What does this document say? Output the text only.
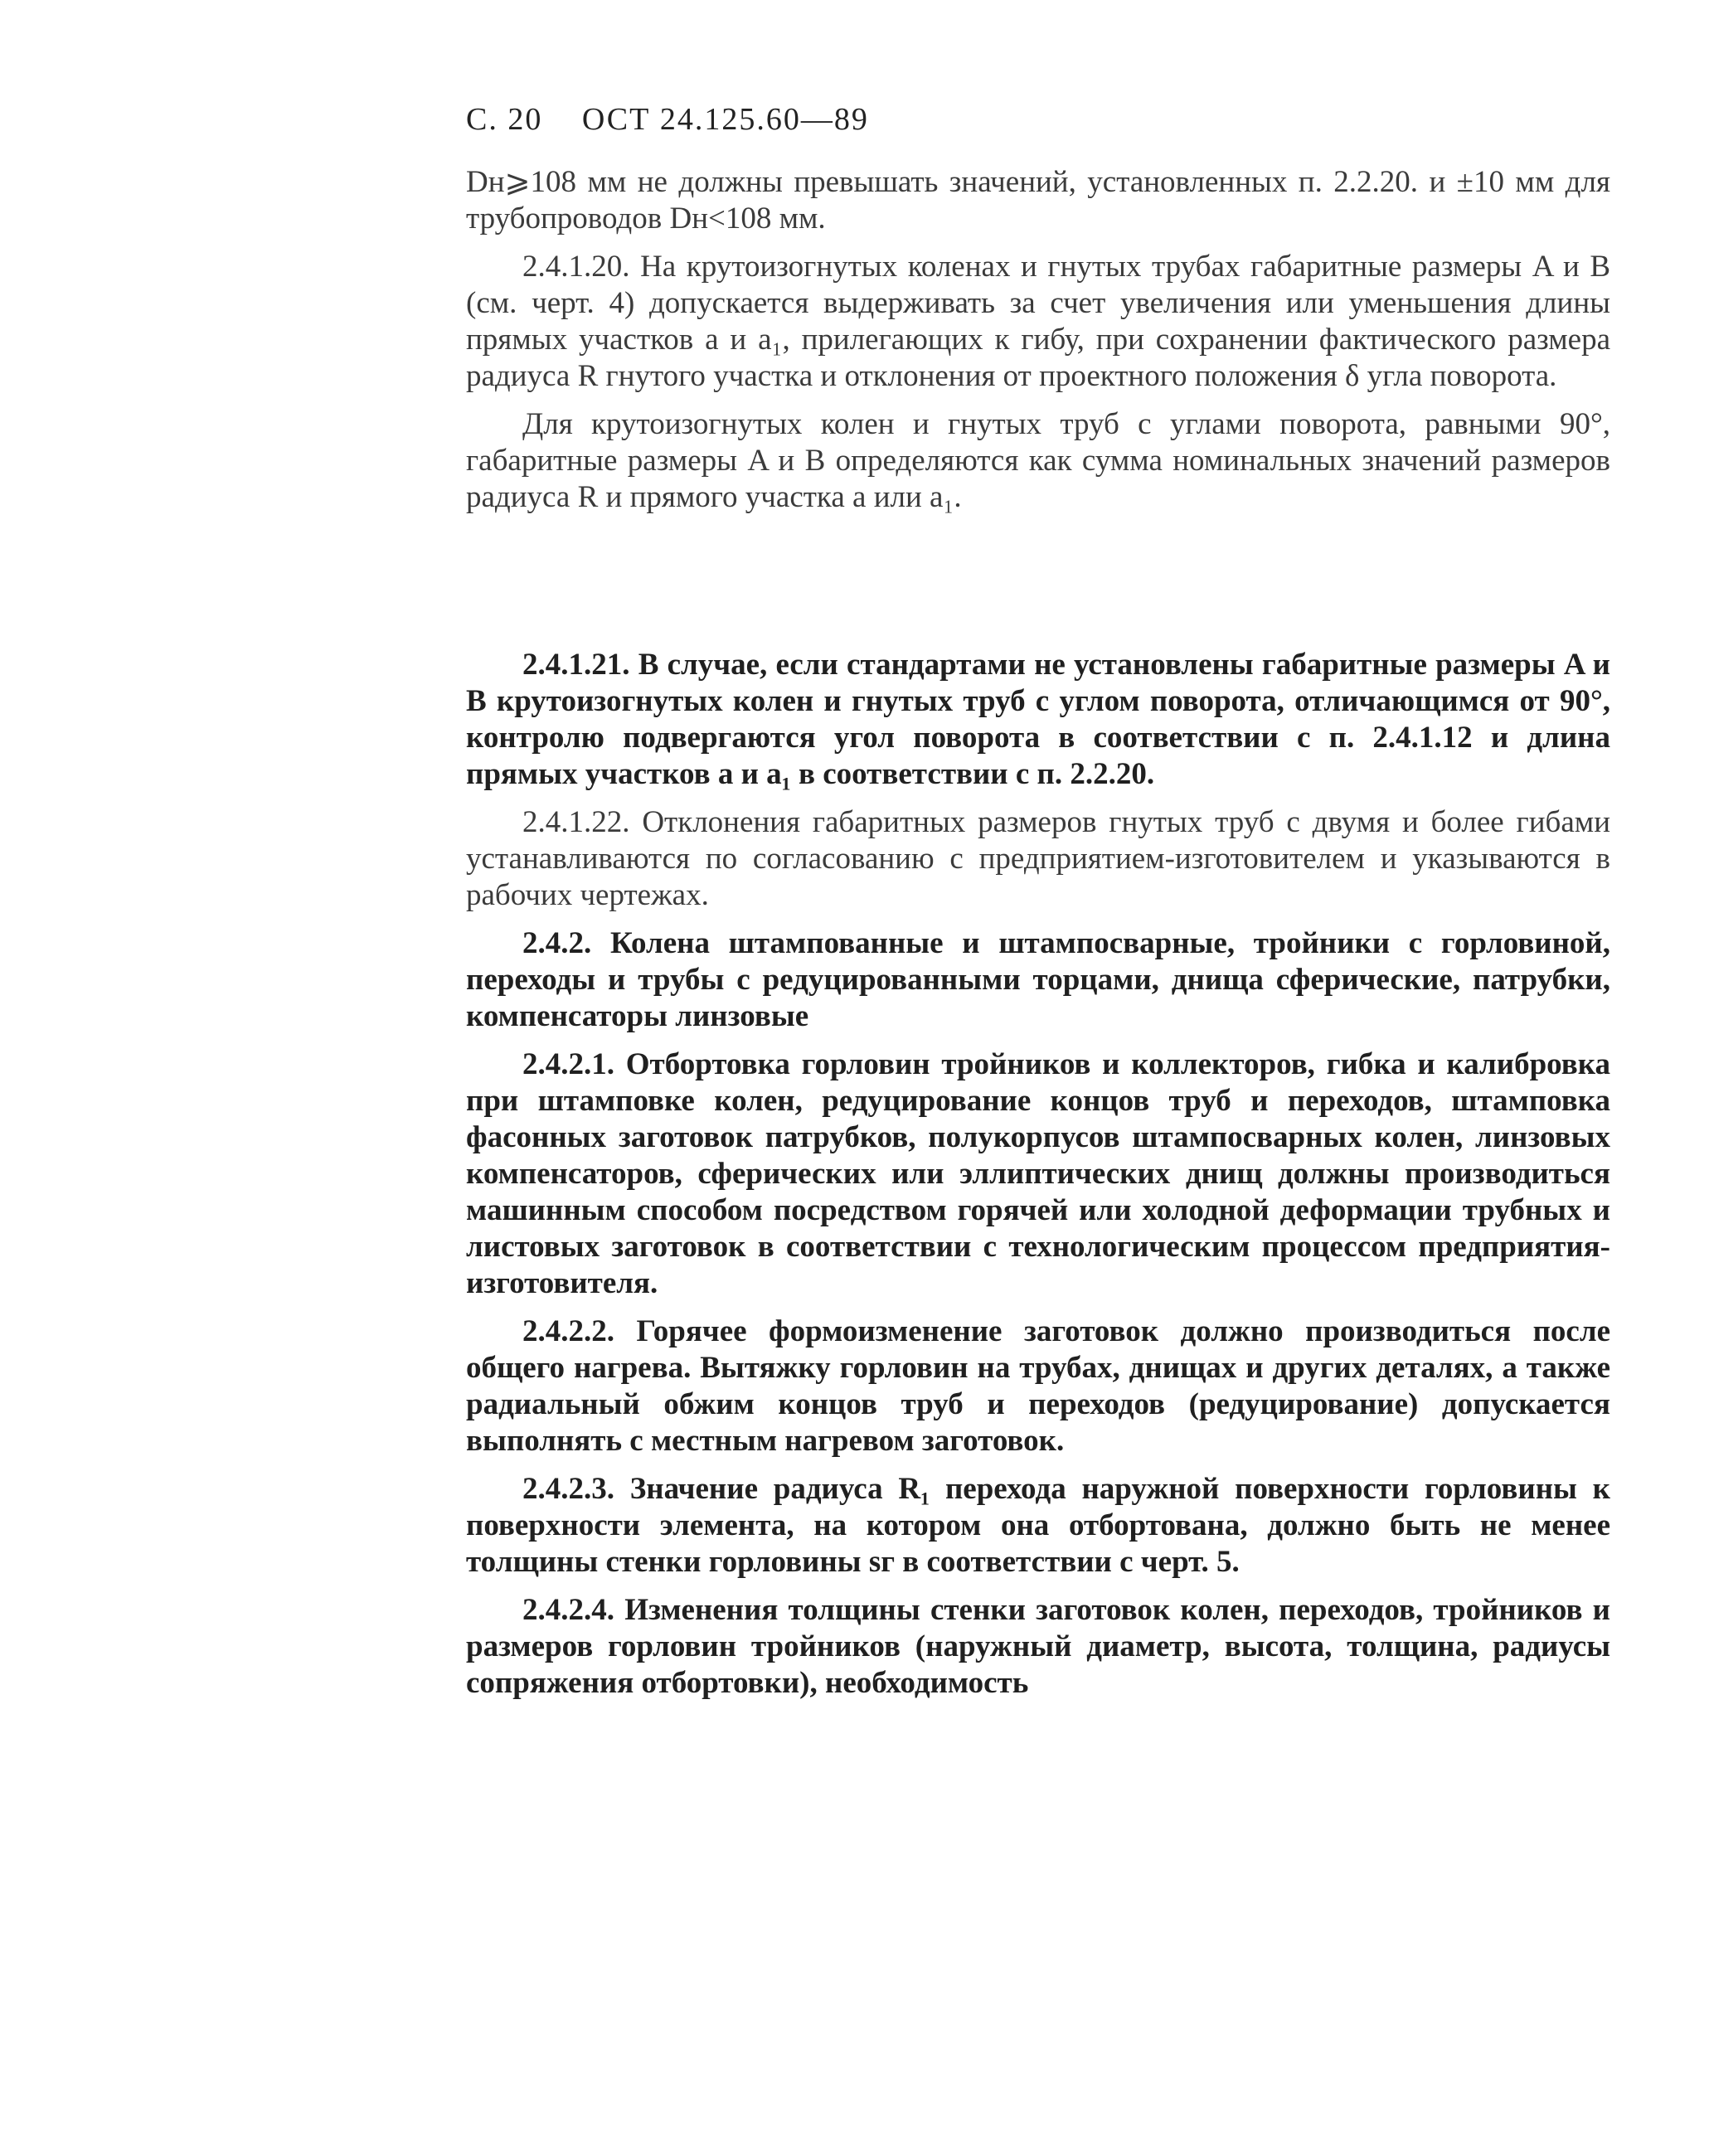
С. 20 ОСТ 24.125.60—89

Dн⩾108 мм не должны превышать значений, установленных п. 2.2.20. и ±10 мм для трубопроводов Dн<108 мм.

2.4.1.20. На крутоизогнутых коленах и гнутых трубах габаритные размеры A и B (см. черт. 4) допускается выдерживать за счет увеличения или уменьшения длины прямых участков a и a₁, прилегающих к гибу, при сохранении фактического размера радиуса R гнутого участка и отклонения от проектного положения δ угла поворота.

Для крутоизогнутых колен и гнутых труб с углами поворота, равными 90°, габаритные размеры A и B определяются как сумма номинальных значений размеров радиуса R и прямого участка a или a₁.

2.4.1.21. В случае, если стандартами не установлены габаритные размеры A и B крутоизогнутых колен и гнутых труб с углом поворота, отличающимся от 90°, контролю подвергаются угол поворота в соответствии с п. 2.4.1.12 и длина прямых участков a и a₁ в соответствии с п. 2.2.20.

2.4.1.22. Отклонения габаритных размеров гнутых труб с двумя и более гибами устанавливаются по согласованию с предприятием-изготовителем и указываются в рабочих чертежах.

2.4.2. Колена штампованные и штампосварные, тройники с горловиной, переходы и трубы с редуцированными торцами, днища сферические, патрубки, компенсаторы линзовые

2.4.2.1. Отбортовка горловин тройников и коллекторов, гибка и калибровка при штамповке колен, редуцирование концов труб и переходов, штамповка фасонных заготовок патрубков, полукорпусов штампосварных колен, линзовых компенсаторов, сферических или эллиптических днищ должны производиться машинным способом посредством горячей или холодной деформации трубных и листовых заготовок в соответствии с технологическим процессом предприятия-изготовителя.

2.4.2.2. Горячее формоизменение заготовок должно производиться после общего нагрева. Вытяжку горловин на трубах, днищах и других деталях, а также радиальный обжим концов труб и переходов (редуцирование) допускается выполнять с местным нагревом заготовок.

2.4.2.3. Значение радиуса R₁ перехода наружной поверхности горловины к поверхности элемента, на котором она отбортована, должно быть не менее толщины стенки горловины sг в соответствии с черт. 5.

2.4.2.4. Изменения толщины стенки заготовок колен, переходов, тройников и размеров горловин тройников (наружный диаметр, высота, толщина, радиусы сопряжения отбортовки), необходимость
